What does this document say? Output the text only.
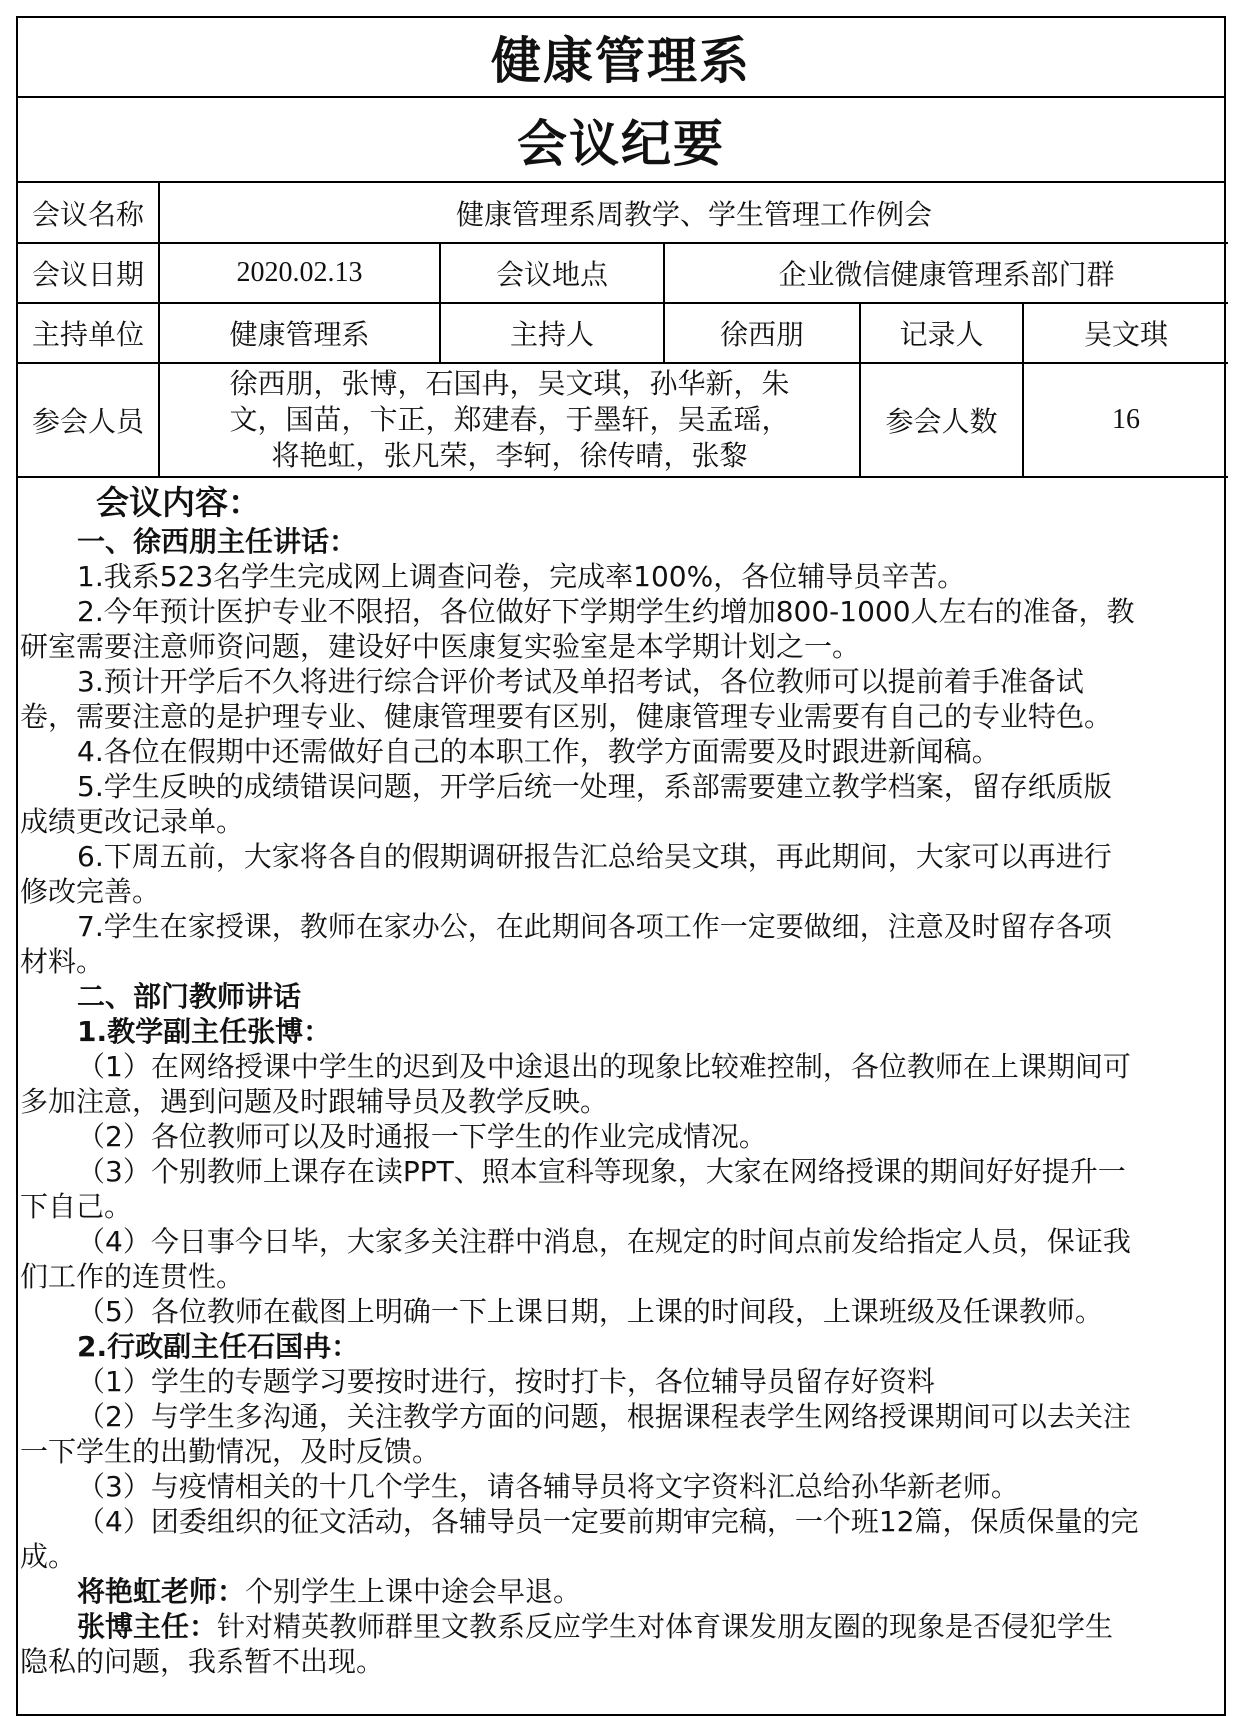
健康管理系
会议纪要
会议名称	健康管理系周教学、学生管理工作例会				
会议日期	2020.02.13	会议地点	企业微信健康管理系部门群		
主持单位	健康管理系	主持人	徐西朋	记录人	吴文琪
参会人员	徐西朋，张博，石国冉，吴文琪，孙华新，朱
文，国苗，卞正，郑建春，于墨轩，吴孟瑶，
将艳虹，张凡荣，李轲，徐传晴，张黎			参会人数	16
会议内容：
一、徐西朋主任讲话：
1.我系523名学生完成网上调查问卷，完成率100%，各位辅导员辛苦。
2.今年预计医护专业不限招，各位做好下学期学生约增加800-1000人左右的准备，教
研室需要注意师资问题，建设好中医康复实验室是本学期计划之一。
3.预计开学后不久将进行综合评价考试及单招考试，各位教师可以提前着手准备试
卷，需要注意的是护理专业、健康管理要有区别，健康管理专业需要有自己的专业特色。
4.各位在假期中还需做好自己的本职工作，教学方面需要及时跟进新闻稿。
5.学生反映的成绩错误问题，开学后统一处理，系部需要建立教学档案，留存纸质版
成绩更改记录单。
6.下周五前，大家将各自的假期调研报告汇总给吴文琪，再此期间，大家可以再进行
修改完善。
7.学生在家授课，教师在家办公，在此期间各项工作一定要做细，注意及时留存各项
材料。
二、部门教师讲话
1.教学副主任张博：
（1）在网络授课中学生的迟到及中途退出的现象比较难控制，各位教师在上课期间可
多加注意，遇到问题及时跟辅导员及教学反映。
（2）各位教师可以及时通报一下学生的作业完成情况。
（3）个别教师上课存在读PPT、照本宣科等现象，大家在网络授课的期间好好提升一
下自己。
（4）今日事今日毕，大家多关注群中消息，在规定的时间点前发给指定人员，保证我
们工作的连贯性。
（5）各位教师在截图上明确一下上课日期，上课的时间段，上课班级及任课教师。
2.行政副主任石国冉：
（1）学生的专题学习要按时进行，按时打卡，各位辅导员留存好资料
（2）与学生多沟通，关注教学方面的问题，根据课程表学生网络授课期间可以去关注
一下学生的出勤情况，及时反馈。
（3）与疫情相关的十几个学生，请各辅导员将文字资料汇总给孙华新老师。
（4）团委组织的征文活动，各辅导员一定要前期审完稿，一个班12篇，保质保量的完
成。
将艳虹老师：个别学生上课中途会早退。
张博主任：针对精英教师群里文教系反应学生对体育课发朋友圈的现象是否侵犯学生
隐私的问题，我系暂不出现。
